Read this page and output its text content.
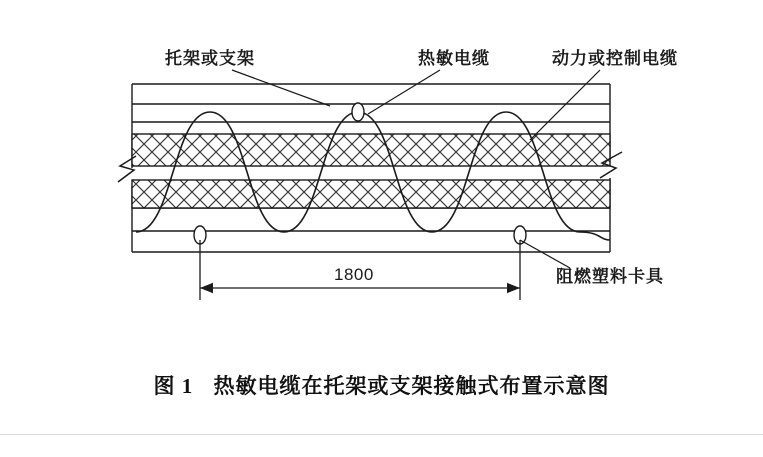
托架或支架	热敏电缆	动力或控制电缆
阻燃塑料卡具
1800
图 1 热敏电缆在托架或支架接触式布置示意图
